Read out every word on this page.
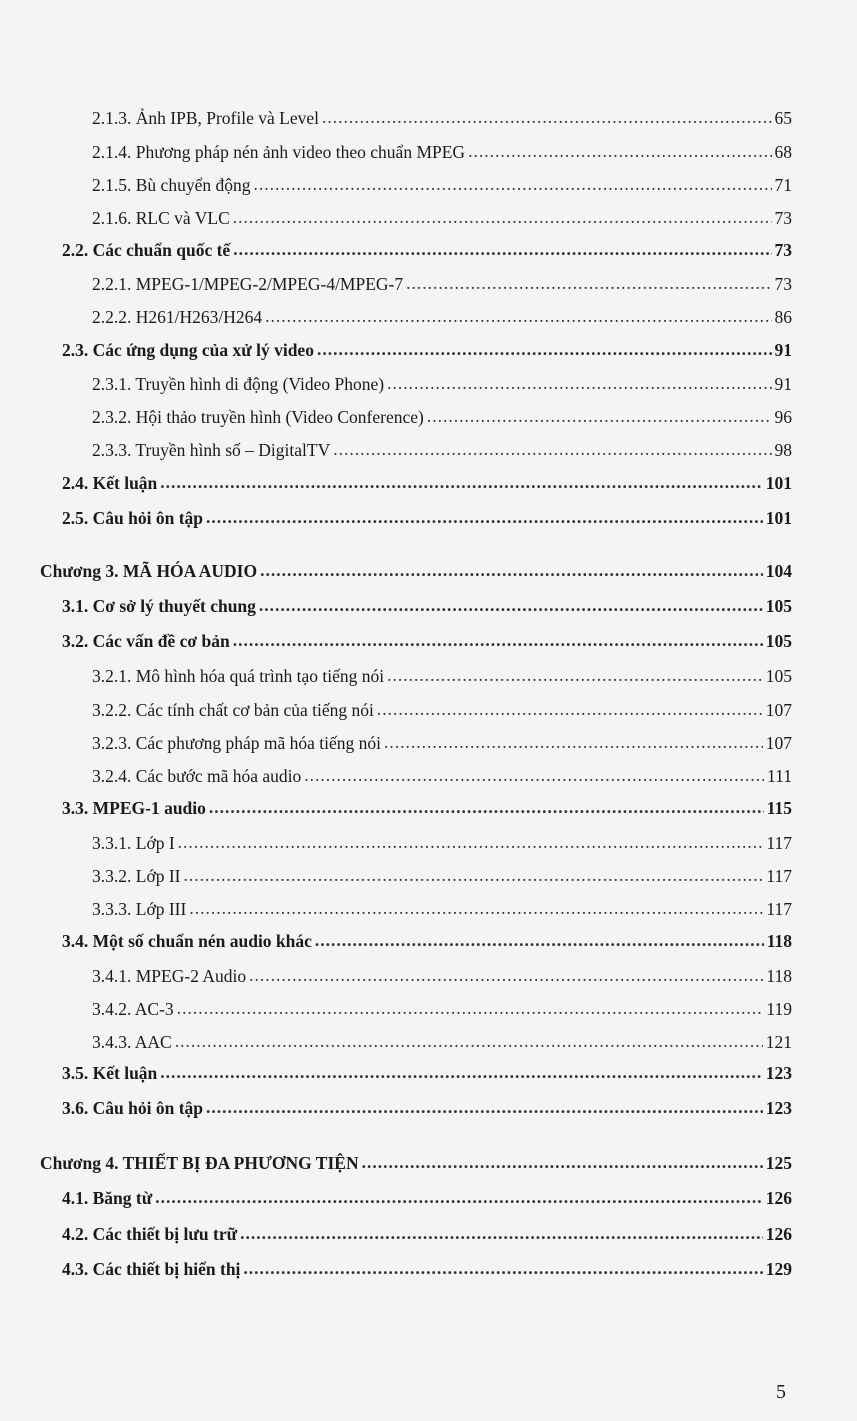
2.1.3. Ảnh IPB, Profile và Level .....	65
2.1.4. Phương pháp nén ảnh video theo chuẩn MPEG .....	68
2.1.5. Bù chuyển động .....	71
2.1.6. RLC và VLC .....	73
2.2. Các chuẩn quốc tế .....	73
2.2.1. MPEG-1/MPEG-2/MPEG-4/MPEG-7 .....	73
2.2.2. H261/H263/H264 .....	86
2.3. Các ứng dụng của xử lý video .....	91
2.3.1. Truyền hình di động (Video Phone) .....	91
2.3.2. Hội thảo truyền hình (Video Conference) .....	96
2.3.3. Truyền hình số – DigitalTV .....	98
2.4. Kết luận .....	101
2.5. Câu hỏi ôn tập .....	101
Chương 3. MÃ HÓA AUDIO .....	104
3.1. Cơ sở lý thuyết chung .....	105
3.2. Các vấn đề cơ bản .....	105
3.2.1. Mô hình hóa quá trình tạo tiếng nói .....	105
3.2.2. Các tính chất cơ bản của tiếng nói .....	107
3.2.3. Các phương pháp mã hóa tiếng nói .....	107
3.2.4. Các bước mã hóa audio .....	111
3.3. MPEG-1 audio .....	115
3.3.1. Lớp I .....	117
3.3.2. Lớp II .....	117
3.3.3. Lớp III .....	117
3.4. Một số chuẩn nén audio khác .....	118
3.4.1. MPEG-2 Audio .....	118
3.4.2. AC-3 .....	119
3.4.3. AAC .....	121
3.5. Kết luận .....	123
3.6. Câu hỏi ôn tập .....	123
Chương 4. THIẾT BỊ ĐA PHƯƠNG TIỆN .....	125
4.1. Băng từ .....	126
4.2. Các thiết bị lưu trữ .....	126
4.3. Các thiết bị hiển thị .....	129
5
